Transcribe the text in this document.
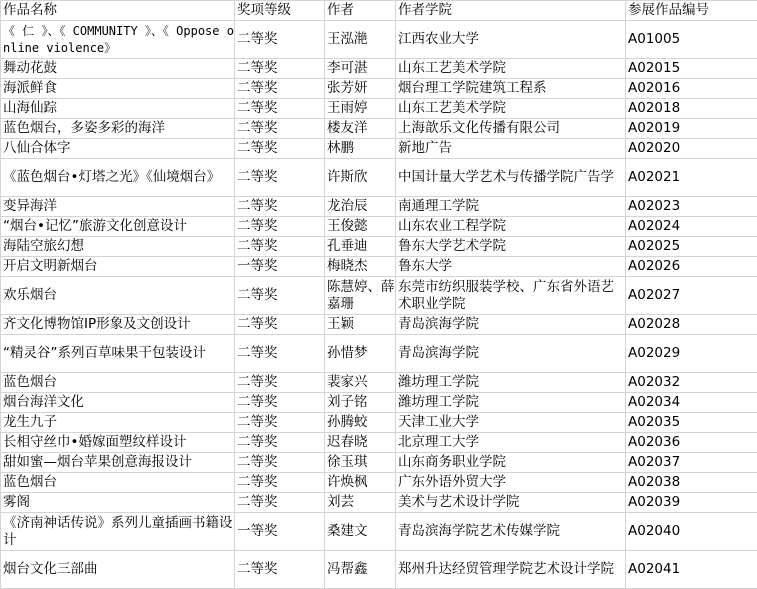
作品名称	奖项等级	作者	作者学院	参展作品编号
《 仁 》、《 COMMUNITY 》、《 Oppose online violence》	二等奖	王泓滟	江西农业大学	A01005
舞动花鼓	二等奖	李可湛	山东工艺美术学院	A02015
海派鲜食	二等奖	张芳妍	烟台理工学院建筑工程系	A02016
山海仙踪	二等奖	王雨婷	山东工艺美术学院	A02018
蓝色烟台，多姿多彩的海洋	二等奖	楼友洋	上海歆乐文化传播有限公司	A02019
八仙合体字	二等奖	林鹏	新地广告	A02020
《蓝色烟台•灯塔之光》《仙境烟台》	二等奖	许斯欣	中国计量大学艺术与传播学院广告学	A02021
变异海洋	二等奖	龙治辰	南通理工学院	A02023
“烟台•记忆”旅游文化创意设计	二等奖	王俊懿	山东农业工程学院	A02024
海陆空旅幻想	二等奖	孔垂迪	鲁东大学艺术学院	A02025
开启文明新烟台	一等奖	梅晓杰	鲁东大学	A02026
欢乐烟台	二等奖	陈慧婷、薛嘉珊	东莞市纺织服装学校、广东省外语艺术职业学院	A02027
齐文化博物馆IP形象及文创设计	二等奖	王颖	青岛滨海学院	A02028
“精灵谷”系列百草味果干包装设计	二等奖	孙惜梦	青岛滨海学院	A02029
蓝色烟台	二等奖	裴家兴	潍坊理工学院	A02032
烟台海洋文化	二等奖	刘子铭	潍坊理工学院	A02034
龙生九子	二等奖	孙腾蛟	天津工业大学	A02035
长相守丝巾•婚嫁面塑纹样设计	二等奖	迟春晓	北京理工大学	A02036
甜如蜜—烟台苹果创意海报设计	二等奖	徐玉琪	山东商务职业学院	A02037
蓝色烟台	二等奖	许焕枫	广东外语外贸大学	A02038
雾阁	二等奖	刘芸	美术与艺术设计学院	A02039
《济南神话传说》系列儿童插画书籍设计	一等奖	桑建文	青岛滨海学院艺术传媒学院	A02040
烟台文化三部曲	二等奖	冯帮鑫	郑州升达经贸管理学院艺术设计学院	A02041
